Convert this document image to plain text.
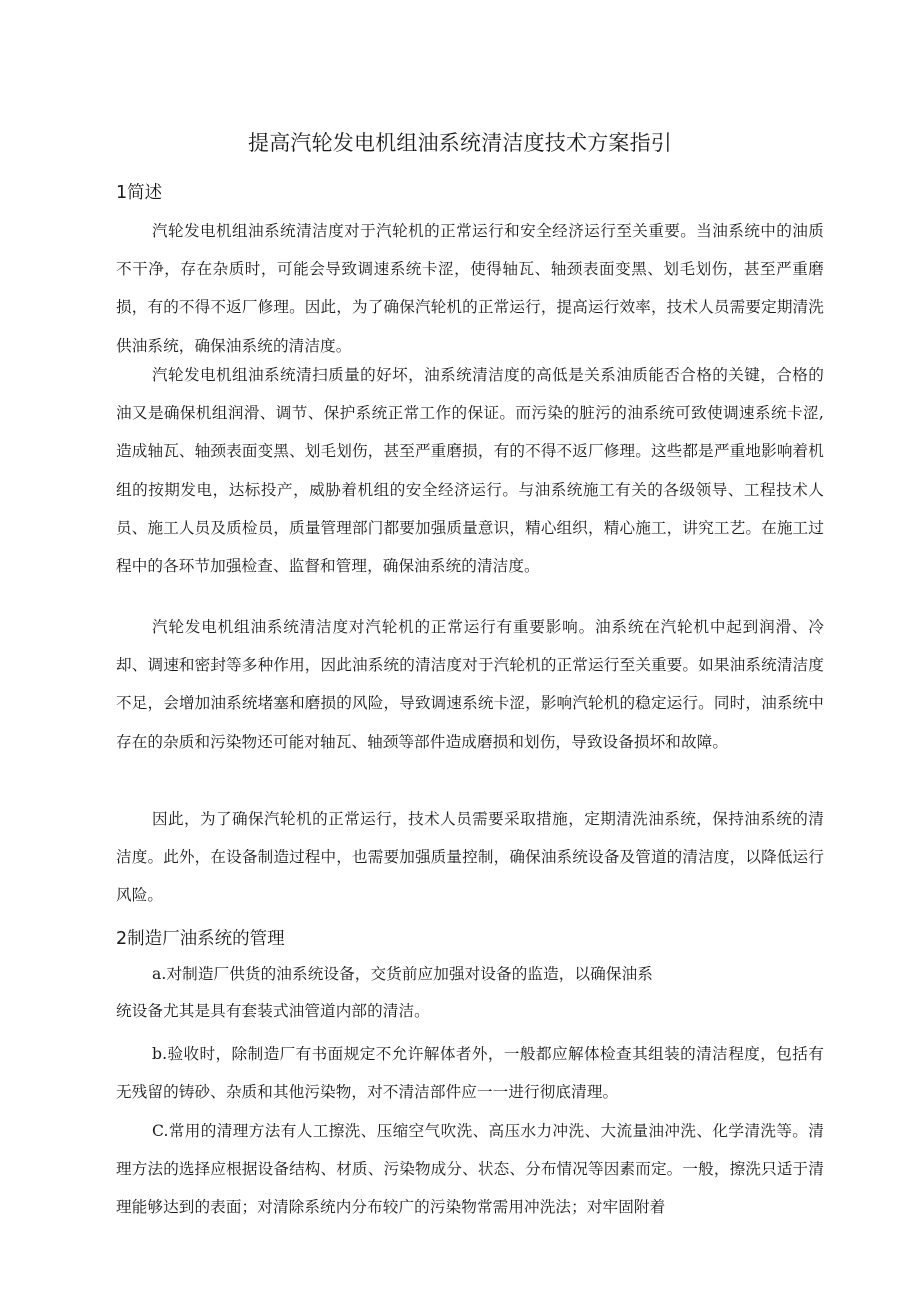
提高汽轮发电机组油系统清洁度技术方案指引
1简述

汽轮发电机组油系统清洁度对于汽轮机的正常运行和安全经济运行至关重要。当油系统中的油质不干净，存在杂质时，可能会导致调速系统卡涩，使得轴瓦、轴颈表面变黑、划毛划伤，甚至严重磨损，有的不得不返厂修理。因此，为了确保汽轮机的正常运行，提高运行效率，技术人员需要定期清洗供油系统，确保油系统的清洁度。

汽轮发电机组油系统清扫质量的好坏，油系统清洁度的高低是关系油质能否合格的关键，合格的油又是确保机组润滑、调节、保护系统正常工作的保证。而污染的脏污的油系统可致使调速系统卡涩,造成轴瓦、轴颈表面变黑、划毛划伤，甚至严重磨损，有的不得不返厂修理。这些都是严重地影响着机组的按期发电，达标投产，威胁着机组的安全经济运行。与油系统施工有关的各级领导、工程技术人员、施工人员及质检员，质量管理部门都要加强质量意识，精心组织，精心施工，讲究工艺。在施工过程中的各环节加强检查、监督和管理，确保油系统的清洁度。

汽轮发电机组油系统清洁度对汽轮机的正常运行有重要影响。油系统在汽轮机中起到润滑、冷却、调速和密封等多种作用，因此油系统的清洁度对于汽轮机的正常运行至关重要。如果油系统清洁度不足，会增加油系统堵塞和磨损的风险，导致调速系统卡涩，影响汽轮机的稳定运行。同时，油系统中存在的杂质和污染物还可能对轴瓦、轴颈等部件造成磨损和划伤，导致设备损坏和故障。

因此，为了确保汽轮机的正常运行，技术人员需要采取措施，定期清洗油系统，保持油系统的清洁度。此外，在设备制造过程中，也需要加强质量控制，确保油系统设备及管道的清洁度，以降低运行风险。

2制造厂油系统的管理

a.对制造厂供货的油系统设备，交货前应加强对设备的监造，以确保油系

统设备尤其是具有套装式油管道内部的清洁。

b.验收时，除制造厂有书面规定不允许解体者外，一般都应解体检查其组装的清洁程度，包括有无残留的铸砂、杂质和其他污染物，对不清洁部件应一一进行彻底清理。

C.常用的清理方法有人工擦洗、压缩空气吹洗、高压水力冲洗、大流量油冲洗、化学清洗等。清理方法的选择应根据设备结构、材质、污染物成分、状态、分布情况等因素而定。一般，擦洗只适于清理能够达到的表面；对清除系统内分布较广的污染物常需用冲洗法；对牢固附着
